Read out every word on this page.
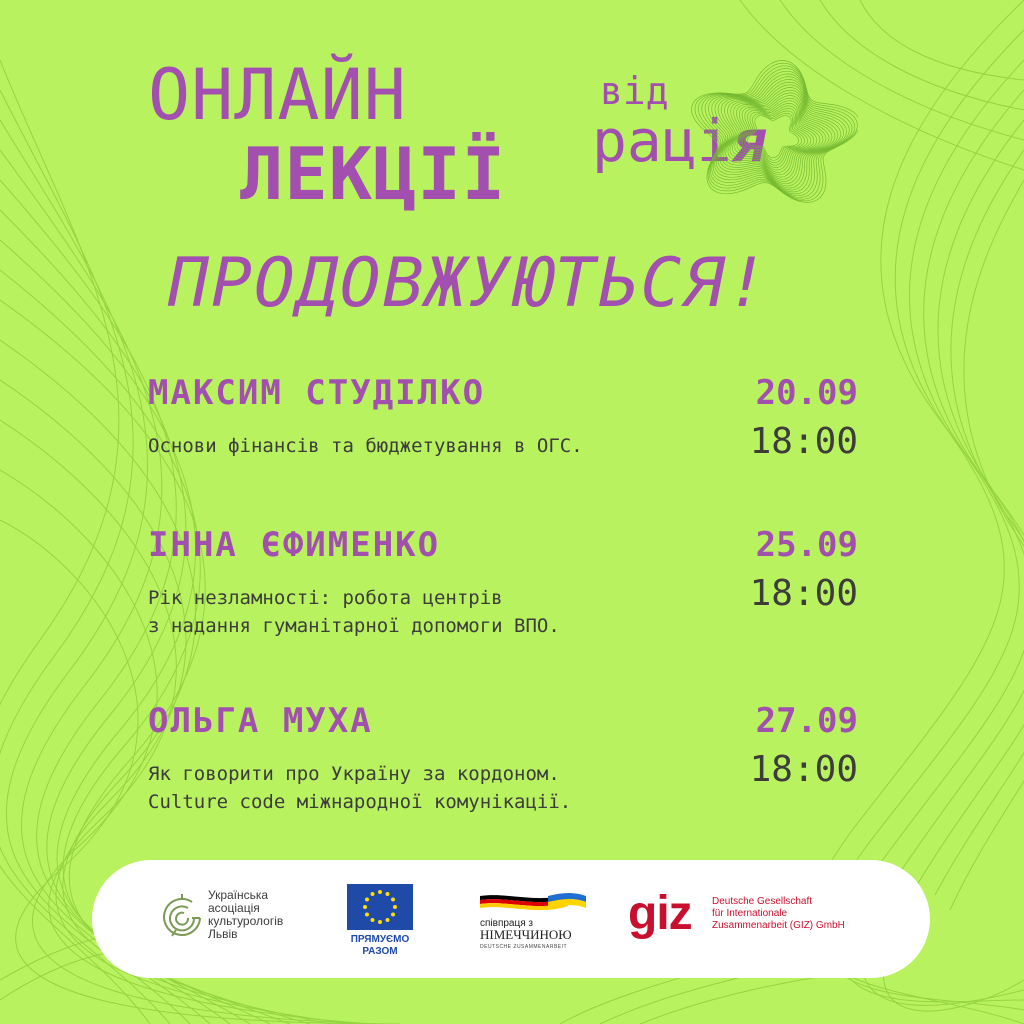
ОНЛАЙН
ЛЕКЦІЇ
від
рація
ПРОДОВЖУЮТЬСЯ!
МАКСИМ СТУДІЛКО	20.09
Основи фінансів та бюджетування в ОГС.	18:00
ІННА ЄФИМЕНКО	25.09
Рік незламності: робота центрів
з надання гуманітарної допомоги ВПО.
18:00
ОЛЬГА МУХА	27.09
Як говорити про Україну за кордоном.
Culture code міжнародної комунікації.
18:00
Українська
асоціація
культурологів
Львів	ПРЯМУЄМО
РАЗОМ
співпраця з
НІМЕЧЧИНОЮ
DEUTSCHE ZUSAMMENARBEIT
giz Deutsche Gesellschaft
für Internationale
Zusammenarbeit (GIZ) GmbH
